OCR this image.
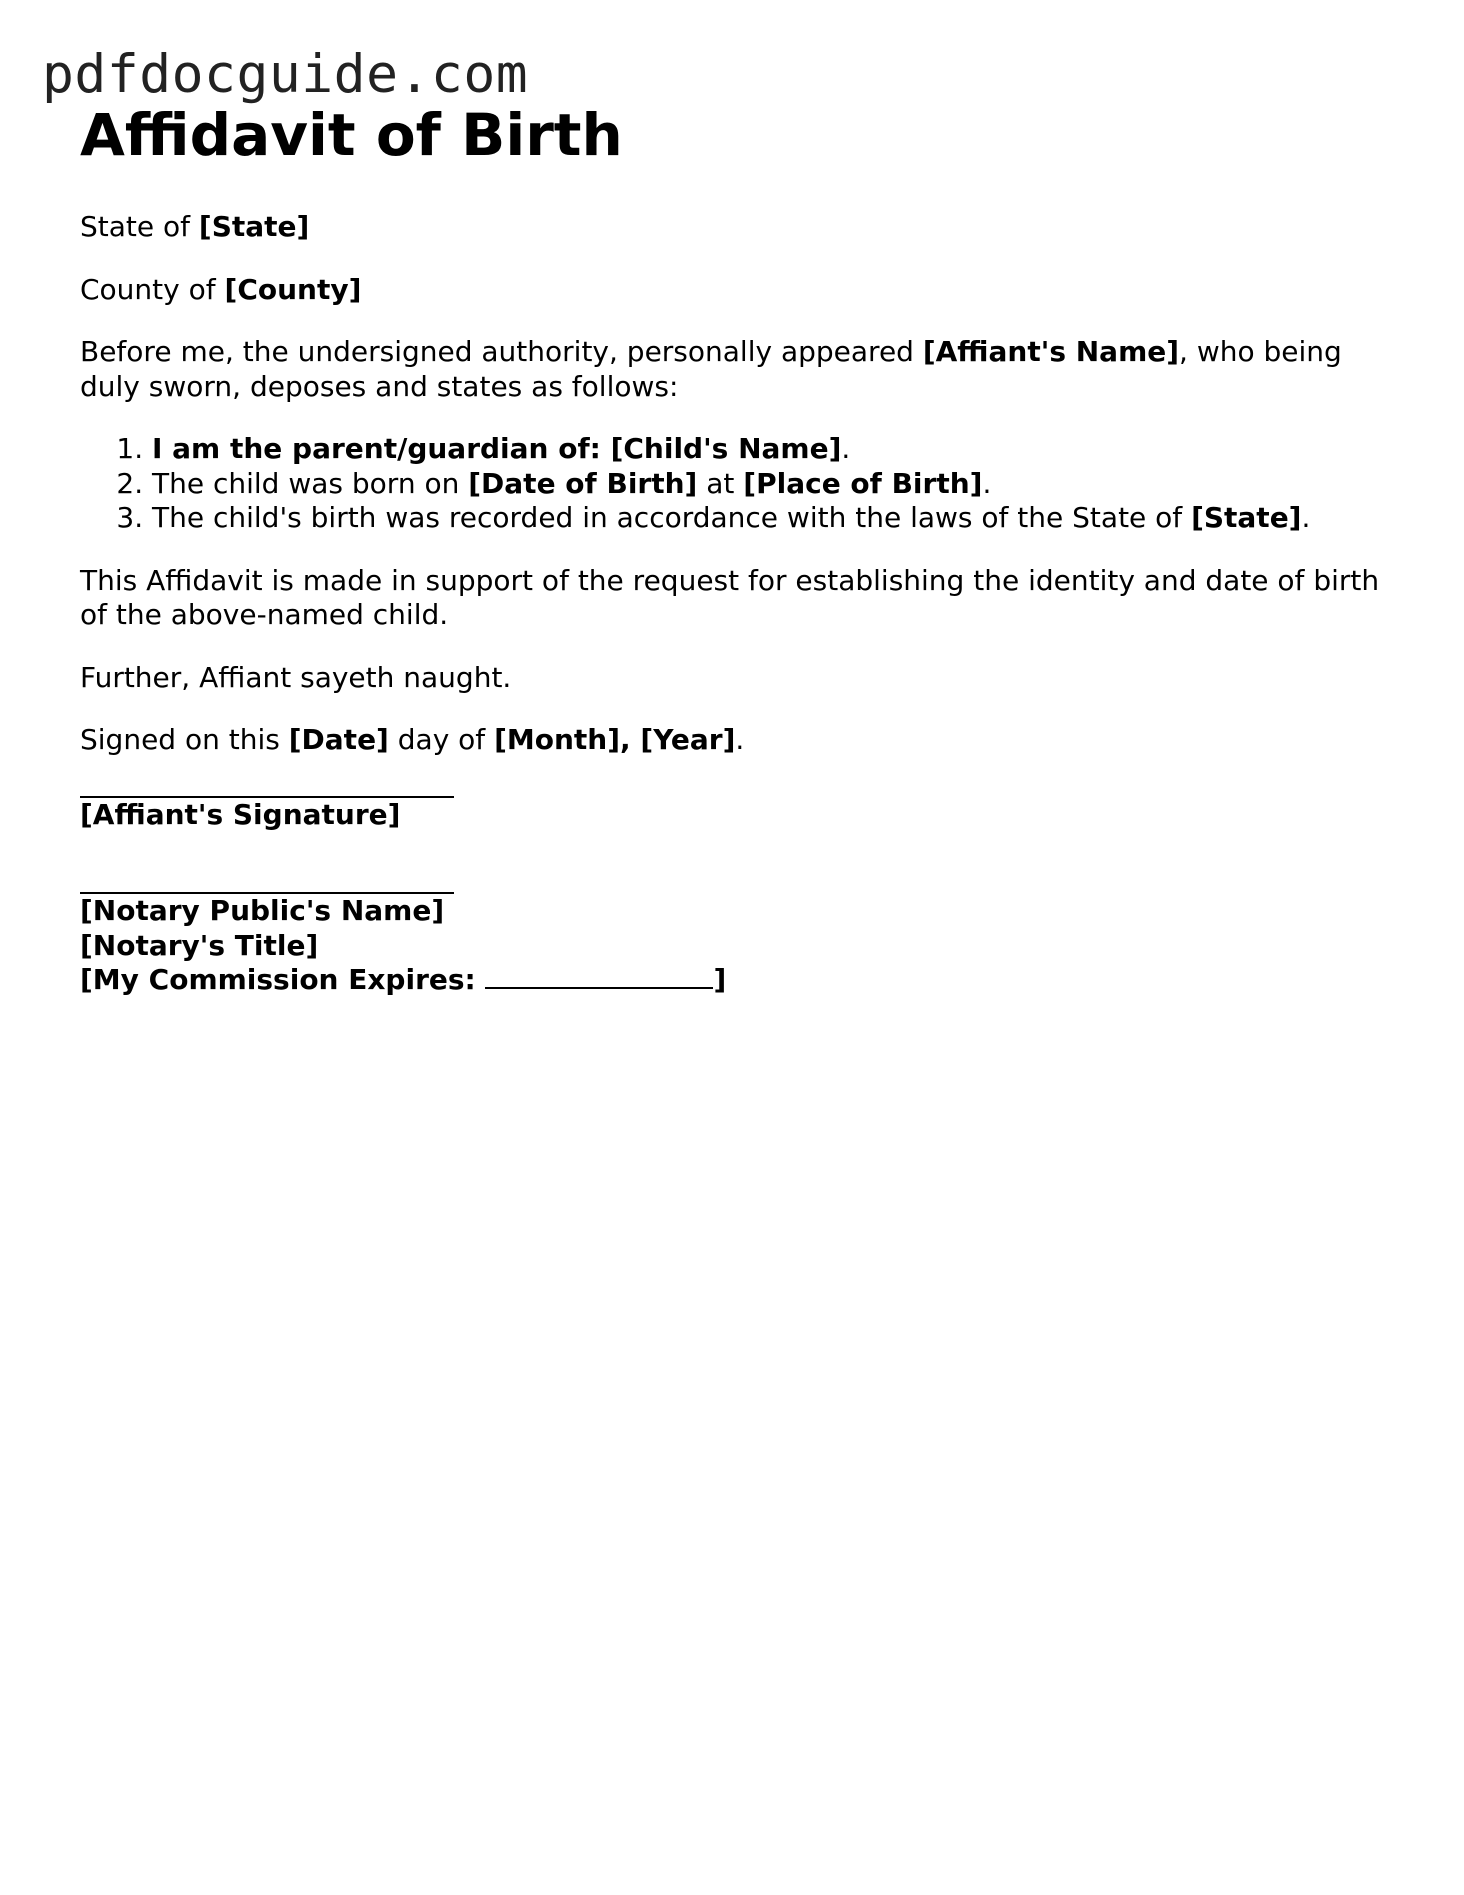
pdfdocguide.com
Affidavit of Birth

State of [State]

County of [County]

Before me, the undersigned authority, personally appeared [Affiant's Name], who being duly sworn, deposes and states as follows:

1. I am the parent/guardian of: [Child's Name].
2. The child was born on [Date of Birth] at [Place of Birth].
3. The child's birth was recorded in accordance with the laws of the State of [State].

This Affidavit is made in support of the request for establishing the identity and date of birth of the above-named child.

Further, Affiant sayeth naught.

Signed on this [Date] day of [Month], [Year].

[Affiant's Signature]

[Notary Public's Name]

[Notary's Title]

[My Commission Expires:	]
